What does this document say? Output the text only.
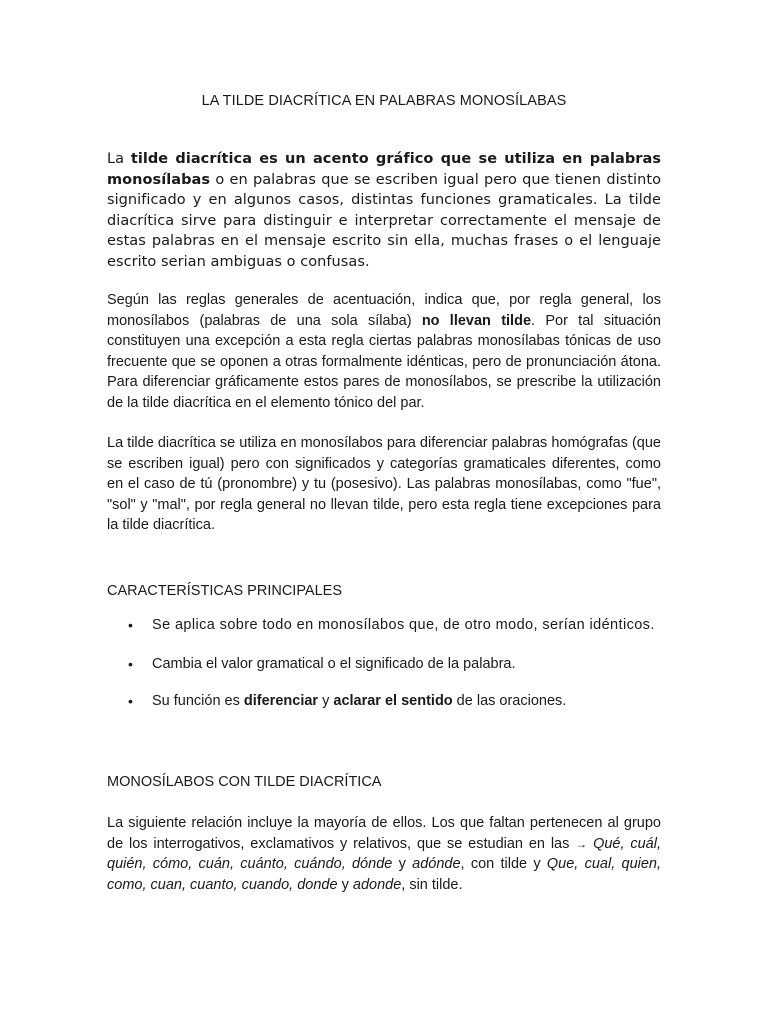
LA TILDE DIACRÍTICA EN PALABRAS MONOSÍLABAS

La tilde diacrítica es un acento gráfico que se utiliza en palabras monosílabas o en palabras que se escriben igual pero que tienen distinto significado y en algunos casos, distintas funciones gramaticales. La tilde diacrítica sirve para distinguir e interpretar correctamente el mensaje de estas palabras en el mensaje escrito sin ella, muchas frases o el lenguaje escrito serian ambiguas o confusas.

Según las reglas generales de acentuación, indica que, por regla general, los monosílabos (palabras de una sola sílaba) no llevan tilde. Por tal situación constituyen una excepción a esta regla ciertas palabras monosílabas tónicas de uso frecuente que se oponen a otras formalmente idénticas, pero de pronunciación átona. Para diferenciar gráficamente estos pares de monosílabos, se prescribe la utilización de la tilde diacrítica en el elemento tónico del par.

La tilde diacrítica se utiliza en monosílabos para diferenciar palabras homógrafas (que se escriben igual) pero con significados y categorías gramaticales diferentes, como en el caso de tú (pronombre) y tu (posesivo). Las palabras monosílabas, como "fue", "sol" y "mal", por regla general no llevan tilde, pero esta regla tiene excepciones para la tilde diacrítica.

CARACTERÍSTICAS PRINCIPALES
• Se aplica sobre todo en monosílabos que, de otro modo, serían idénticos.
• Cambia el valor gramatical o el significado de la palabra.
• Su función es diferenciar y aclarar el sentido de las oraciones.
MONOSÍLABOS CON TILDE DIACRÍTICA

La siguiente relación incluye la mayoría de ellos. Los que faltan pertenecen al grupo de los interrogativos, exclamativos y relativos, que se estudian en las → Qué, cuál, quién, cómo, cuán, cuánto, cuándo, dónde y adónde, con tilde y Que, cual, quien, como, cuan, cuanto, cuando, donde y adonde, sin tilde.
